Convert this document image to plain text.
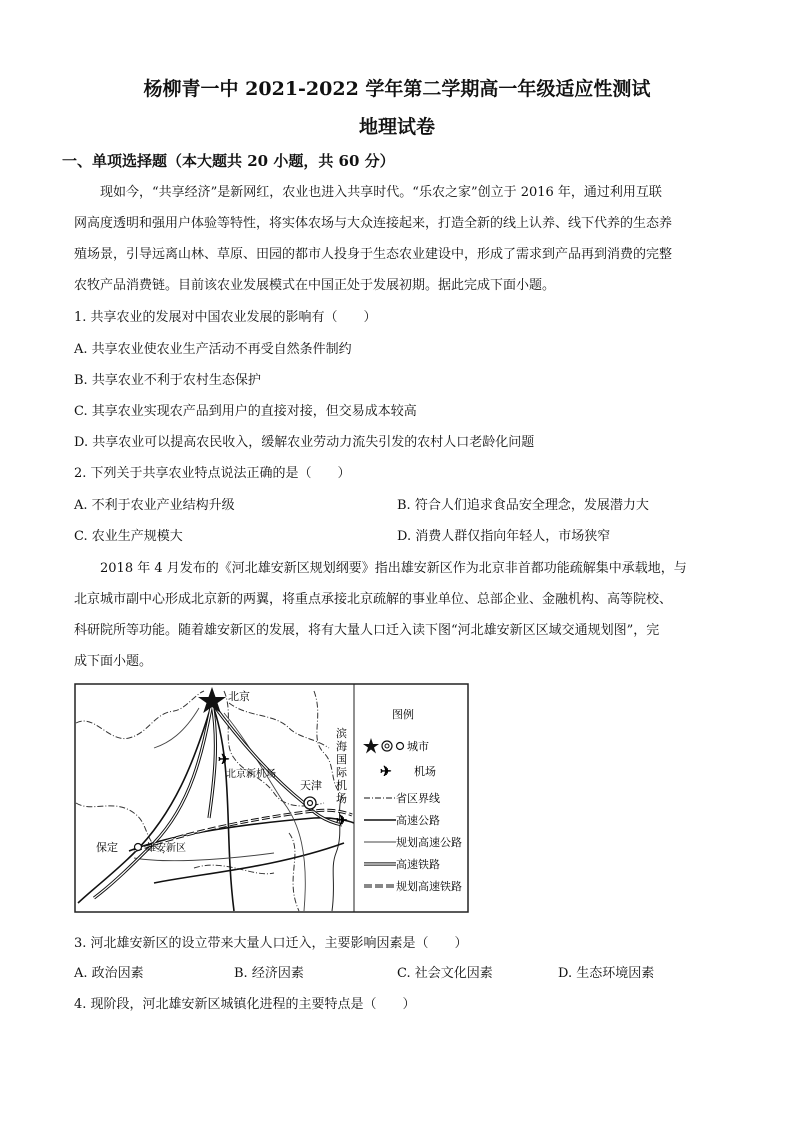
杨柳青一中 2021-2022 学年第二学期高一年级适应性测试
地理试卷
一、单项选择题（本大题共 20 小题，共 60 分）
现如今，“共享经济”是新网红，农业也进入共享时代。“乐农之家”创立于 2016 年，通过利用互联
网高度透明和强用户体验等特性，将实体农场与大众连接起来，打造全新的线上认养、线下代养的生态养
殖场景，引导远离山林、草原、田园的都市人投身于生态农业建设中，形成了需求到产品再到消费的完整
农牧产品消费链。目前该农业发展模式在中国正处于发展初期。据此完成下面小题。
1. 共享农业的发展对中国农业发展的影响有（　　）
A. 共享农业使农业生产活动不再受自然条件制约
B. 共享农业不利于农村生态保护
C. 其享农业实现农产品到用户的直接对接，但交易成本较高
D. 共享农业可以提高农民收入，缓解农业劳动力流失引发的农村人口老龄化问题
2. 下列关于共享农业特点说法正确的是（　　）
A. 不利于农业产业结构升级	B. 符合人们追求食品安全理念，发展潜力大
C. 农业生产规模大	D. 消费人群仅指向年轻人，市场狭窄
2018 年 4 月发布的《河北雄安新区规划纲要》指出雄安新区作为北京非首都功能疏解集中承载地，与
北京城市副中心形成北京新的两翼，将重点承接北京疏解的事业单位、总部企业、金融机构、高等院校、
科研院所等功能。随着雄安新区的发展，将有大量人口迁入读下图“河北雄安新区区域交通规划图”，完
成下面小题。
北京
✈
北京新机场
天津
滨
海
国
际
机
场
✈
保定	雄安新区
图例
城市
✈ 机场
省区界线
高速公路
规划高速公路
高速铁路
规划高速铁路
3. 河北雄安新区的设立带来大量人口迁入，主要影响因素是（　　）
A. 政治因素	B. 经济因素	C. 社会文化因素	D. 生态环境因素
4. 现阶段，河北雄安新区城镇化进程的主要特点是（　　）
